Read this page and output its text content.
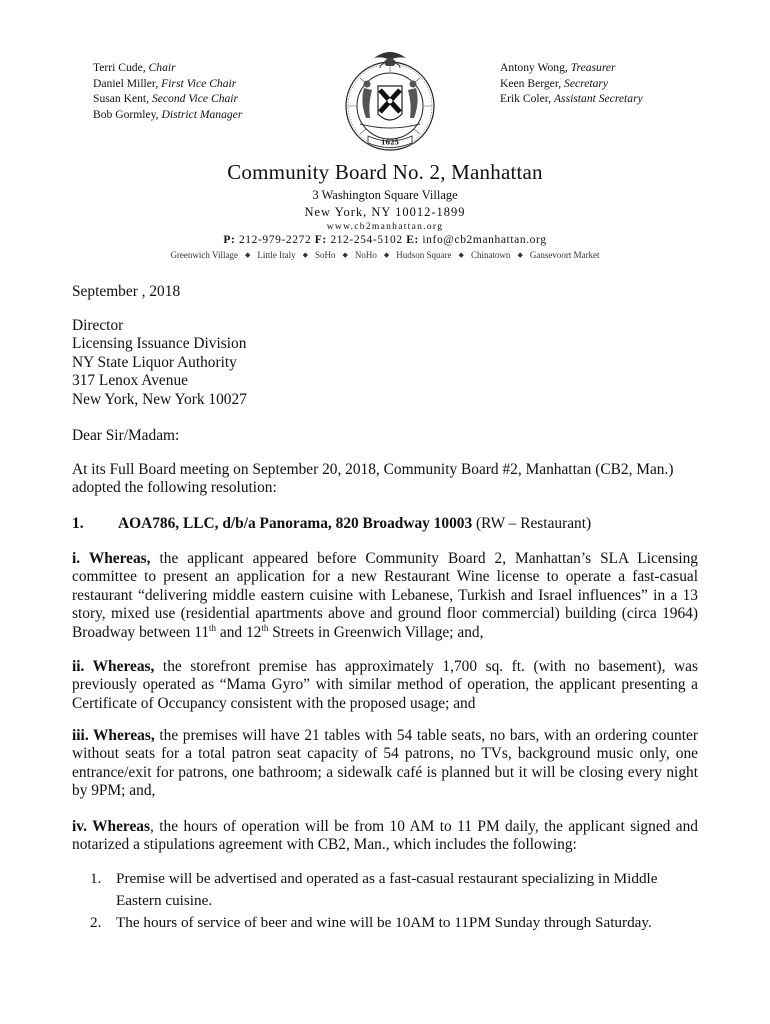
Terri Cude, Chair
Daniel Miller, First Vice Chair
Susan Kent, Second Vice Chair
Bob Gormley, District Manager
1625
Antony Wong, Treasurer
Keen Berger, Secretary
Erik Coler, Assistant Secretary
Community Board No. 2, Manhattan
3 Washington Square Village
New York, NY 10012-1899
www.cb2manhattan.org
P: 212-979-2272 F: 212-254-5102 E: info@cb2manhattan.org
Greenwich Village ◆ Little Italy ◆ SoHo ◆ NoHo ◆ Hudson Square ◆ Chinatown ◆ Gansevoort Market
September , 2018
Director
Licensing Issuance Division
NY State Liquor Authority
317 Lenox Avenue
New York, New York 10027
Dear Sir/Madam:
At its Full Board meeting on September 20, 2018, Community Board #2, Manhattan (CB2, Man.)
adopted the following resolution:
1. AOA786, LLC, d/b/a Panorama, 820 Broadway 10003 (RW – Restaurant)
i. Whereas, the applicant appeared before Community Board 2, Manhattan’s SLA Licensing committee to present an application for a new Restaurant Wine license to operate a fast-casual restaurant “delivering middle eastern cuisine with Lebanese, Turkish and Israel influences” in a 13 story, mixed use (residential apartments above and ground floor commercial) building (circa 1964) Broadway between 11th and 12th Streets in Greenwich Village; and,
ii. Whereas, the storefront premise has approximately 1,700 sq. ft. (with no basement), was previously operated as “Mama Gyro” with similar method of operation, the applicant presenting a Certificate of Occupancy consistent with the proposed usage; and
iii. Whereas, the premises will have 21 tables with 54 table seats, no bars, with an ordering counter without seats for a total patron seat capacity of 54 patrons, no TVs, background music only, one entrance/exit for patrons, one bathroom; a sidewalk café is planned but it will be closing every night by 9PM; and,
iv. Whereas, the hours of operation will be from 10 AM to 11 PM daily, the applicant signed and notarized a stipulations agreement with CB2, Man., which includes the following:
1. Premise will be advertised and operated as a fast-casual restaurant specializing in Middle Eastern cuisine.
2. The hours of service of beer and wine will be 10AM to 11PM Sunday through Saturday.
